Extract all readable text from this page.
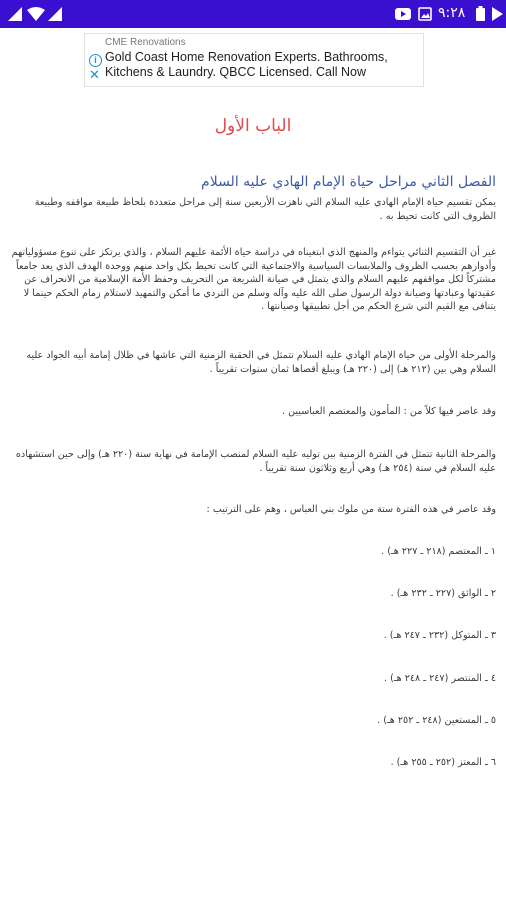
٩:٢٨
i
✕
CME Renovations
Gold Coast Home Renovation Experts. Bathrooms, Kitchens & Laundry. QBCC Licensed. Call Now
الباب الأول
الفصل الثاني مراحل حياة الإمام الهادي عليه السلام
يمكن تقسيم حياة الإمام الهادي عليه السلام التي ناهزت الأربعين سنة إلى مراحل متعددة بلحاظ طبيعة مواقفه وطبيعة الظروف التي كانت تحيط به .
غير أن التقسيم الثنائي يتواءم والمنهج الذي ابتغيناه في دراسة حياة الأئمة عليهم السلام ، والذي يرتكز على تنوع مسؤولياتهم وأدوارهم بحسب الظروف والملابسات السياسية والاجتماعية التي كانت تحيط بكل واحد منهم ووحدة الهدف الذي يعد جامعاً مشتركاً لكل مواقفهم عليهم السلام والذي يتمثل في صيانة الشريعة من التحريف وحفظ الأمة الإسلامية من الانحراف عن عقيدتها وعبادتها وصيانة دولة الرسول صلى الله عليه وآله وسلم من التردي ما أمكن والتمهيد لاستلام زمام الحكم حينما لا يتنافى مع القيم التي شرع الحكم من أجل تطبيقها وصيانتها .
والمرحلة الأولى من حياة الإمام الهادي عليه السلام تتمثل في الحقبة الزمنية التي عاشها في ظلال إمامة أبيه الجواد عليه السلام وهي بين (٢١٢ هـ) إلى (٢٢٠ هـ) ويبلغ أقصاها ثمان سنوات تقريباً .
وقد عاصر فيها كلاً من : المأمون والمعتصم العباسيين .
والمرحلة الثانية تتمثل في الفترة الزمنية بين توليه عليه السلام لمنصب الإمامة في نهاية سنة (٢٢٠ هـ) وإلى حين استشهاده عليه السلام في سنة (٢٥٤ هـ) وهي أربع وثلاثون سنة تقريباً .
وقد عاصر في هذه الفترة ستة من ملوك بني العباس ، وهم على الترتيب :
١ ـ المعتصم (٢١٨ ـ ٢٢٧ هـ) .
٢ ـ الواثق (٢٢٧ ـ ٢٣٢ هـ) .
٣ ـ المتوكل (٢٣٢ ـ ٢٤٧ هـ) .
٤ ـ المنتصر (٢٤٧ ـ ٢٤٨ هـ) .
٥ ـ المستعين (٢٤٨ ـ ٢٥٢ هـ) .
٦ ـ المعتز (٢٥٢ ـ ٢٥٥ هـ) .
